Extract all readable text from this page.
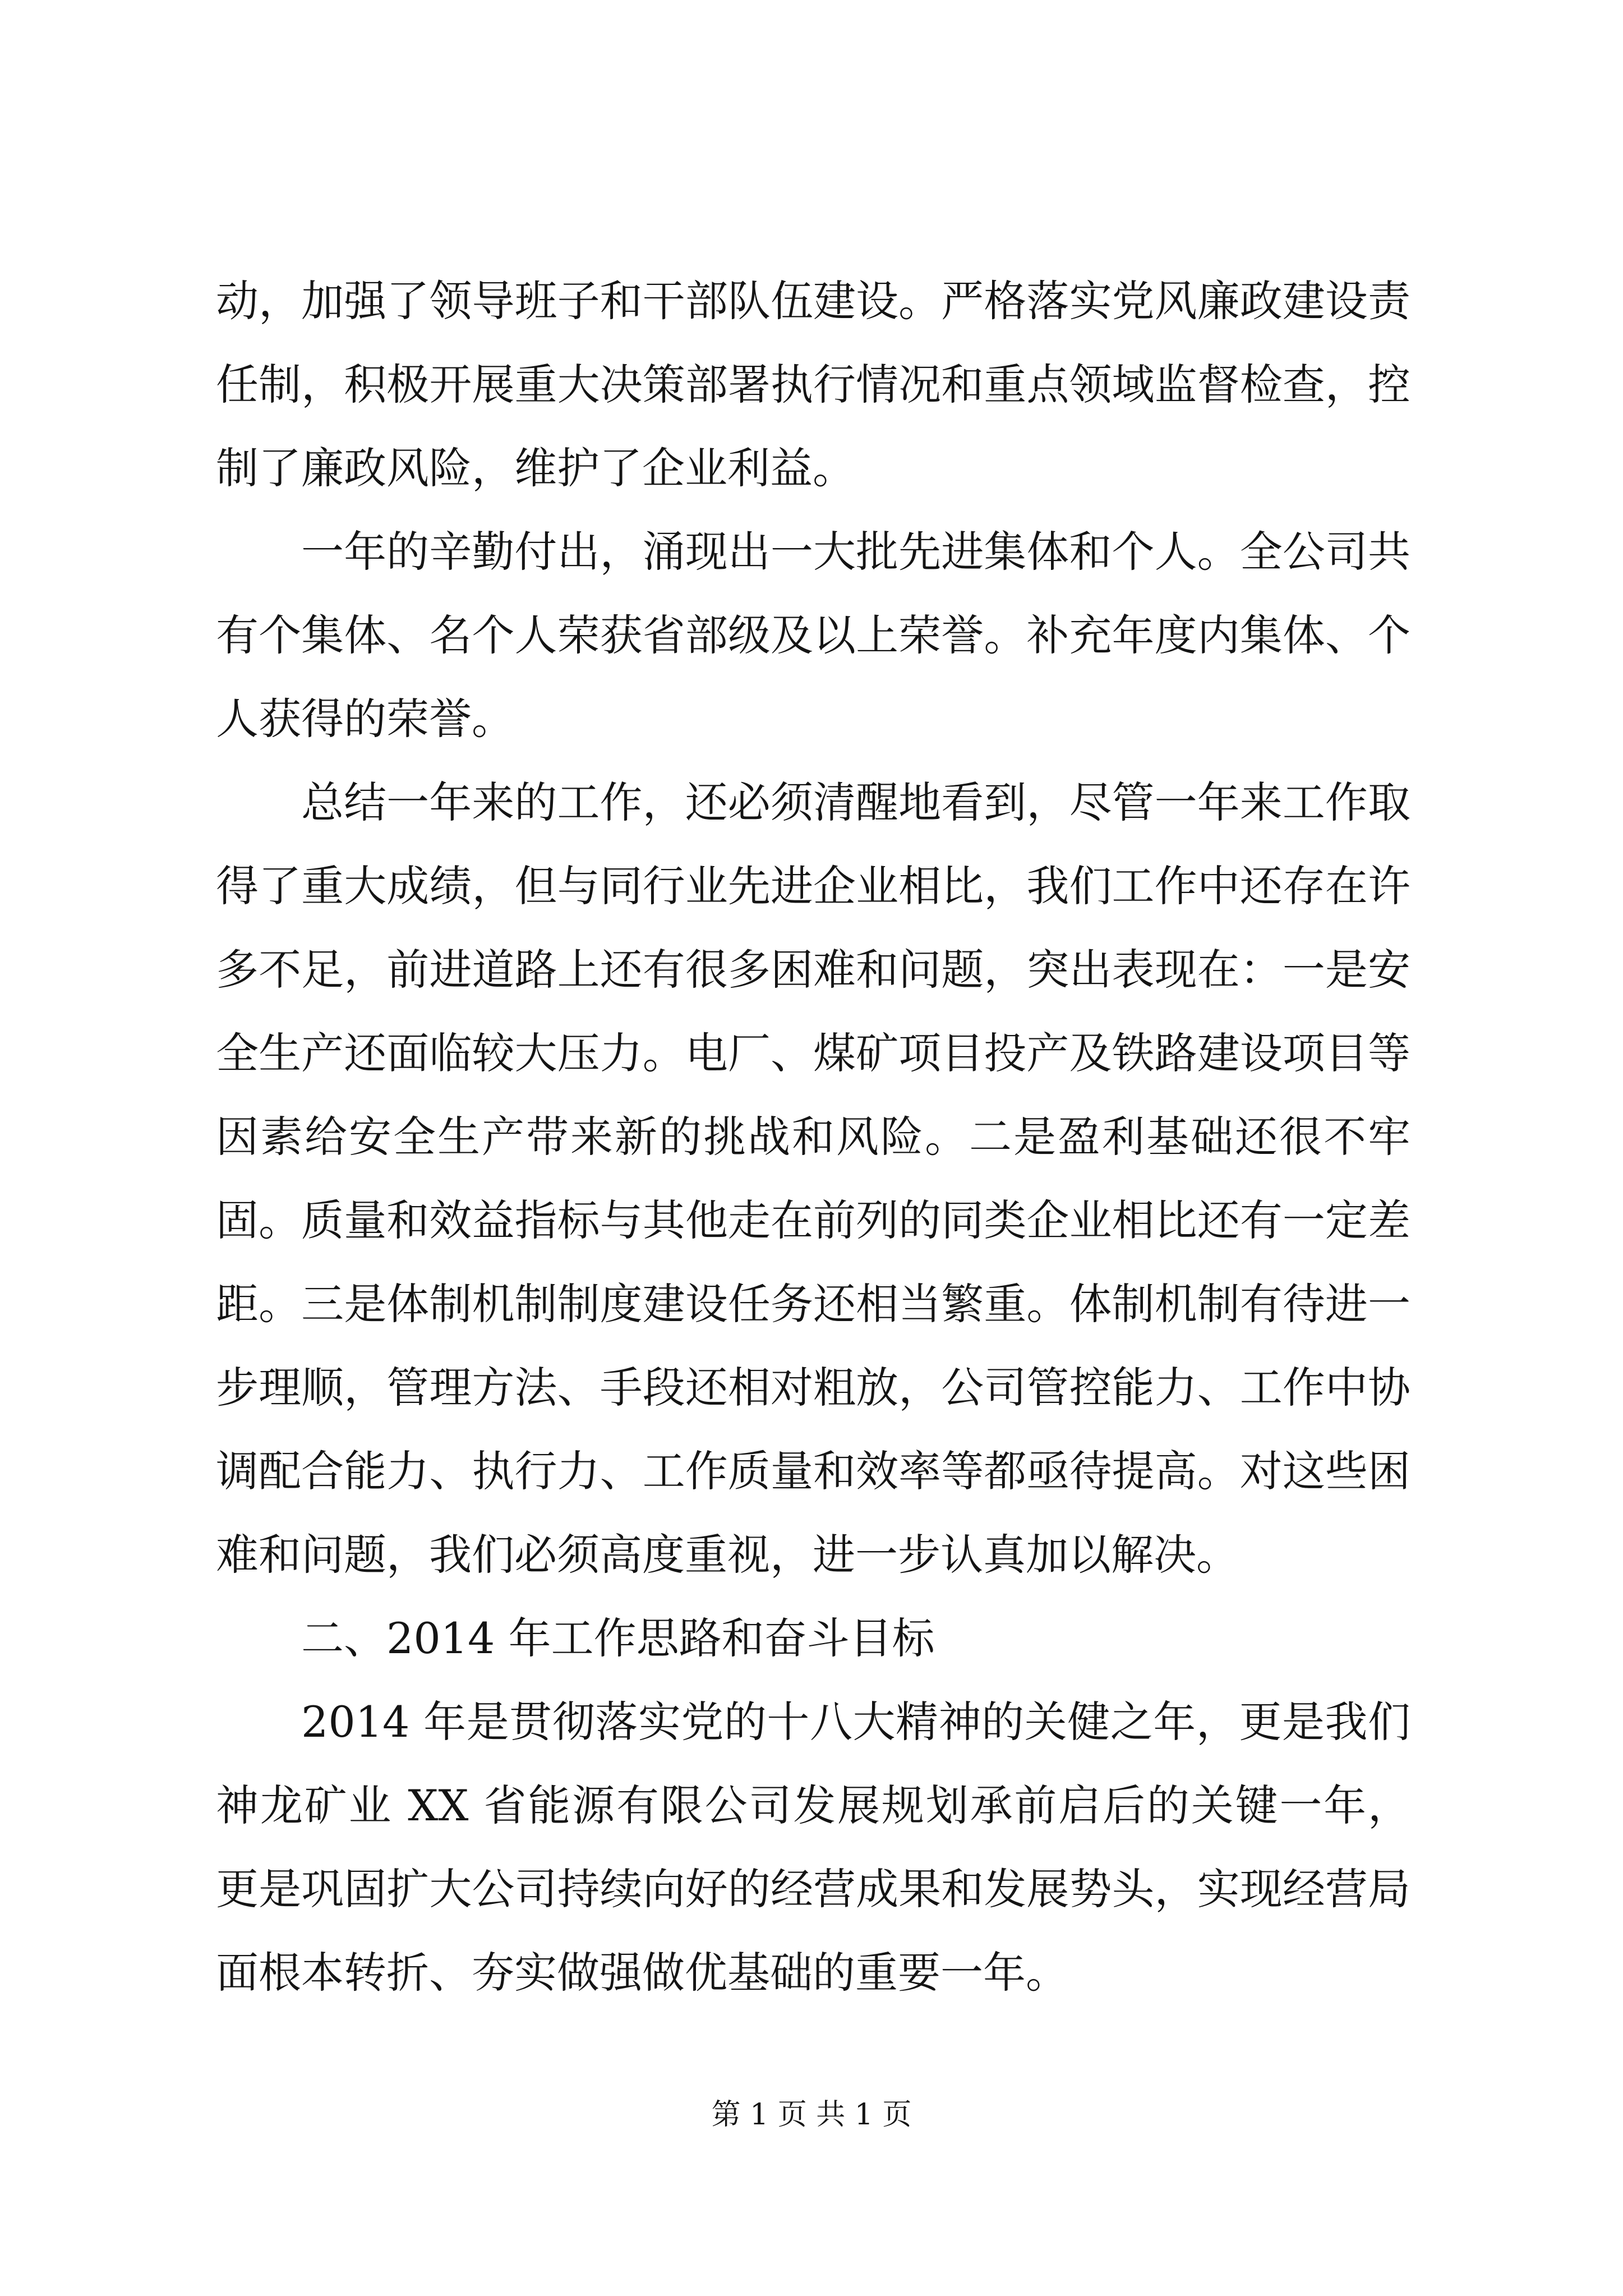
动，加强了领导班子和干部队伍建设。严格落实党风廉政建设责任制，积极开展重大决策部署执行情况和重点领域监督检查，控制了廉政风险，维护了企业利益。

一年的辛勤付出，涌现出一大批先进集体和个人。全公司共有个集体、名个人荣获省部级及以上荣誉。补充年度内集体、个人获得的荣誉。

总结一年来的工作，还必须清醒地看到，尽管一年来工作取得了重大成绩，但与同行业先进企业相比，我们工作中还存在许多不足，前进道路上还有很多困难和问题，突出表现在：一是安全生产还面临较大压力。电厂、煤矿项目投产及铁路建设项目等因素给安全生产带来新的挑战和风险。二是盈利基础还很不牢固。质量和效益指标与其他走在前列的同类企业相比还有一定差距。三是体制机制制度建设任务还相当繁重。体制机制有待进一步理顺，管理方法、手段还相对粗放，公司管控能力、工作中协调配合能力、执行力、工作质量和效率等都亟待提高。对这些困难和问题，我们必须高度重视，进一步认真加以解决。

二、2014 年工作思路和奋斗目标

2014 年是贯彻落实党的十八大精神的关健之年，更是我们神龙矿业 XX 省能源有限公司发展规划承前启后的关键一年，更是巩固扩大公司持续向好的经营成果和发展势头，实现经营局面根本转折、夯实做强做优基础的重要一年。

第 1 页 共 1 页
